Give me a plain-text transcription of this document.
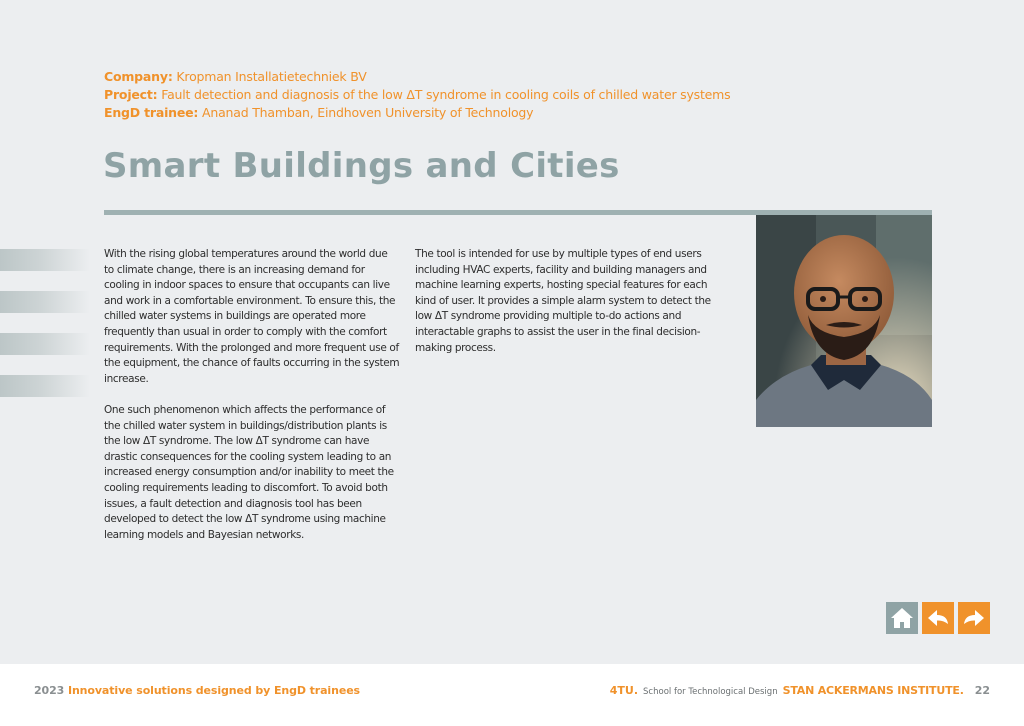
Company: Kropman Installatietechniek BV
Project: Fault detection and diagnosis of the low ΔT syndrome in cooling coils of chilled water systems
EngD trainee: Ananad Thamban, Eindhoven University of Technology
Smart Buildings and Cities

With the rising global temperatures around the world due to climate change, there is an increasing demand for cooling in indoor spaces to ensure that occupants can live and work in a comfortable environment. To ensure this, the chilled water systems in buildings are operated more frequently than usual in order to comply with the comfort requirements. With the prolonged and more frequent use of the equipment, the chance of faults occurring in the system increase.

One such phenomenon which affects the performance of the chilled water system in buildings/distribution plants is the low ΔT syndrome. The low ΔT syndrome can have drastic consequences for the cooling system leading to an increased energy consumption and/or inability to meet the cooling requirements leading to discomfort. To avoid both issues, a fault detection and diagnosis tool has been developed to detect the low ΔT syndrome using machine learning models and Bayesian networks.

The tool is intended for use by multiple types of end users including HVAC experts, facility and building managers and machine learning experts, hosting special features for each kind of user. It provides a simple alarm system to detect the low ΔT syndrome providing multiple to-do actions and interactable graphs to assist the user in the final decision-making process.

2023 Innovative solutions designed by EngD trainees	4TU. School for Technological Design STAN ACKERMANS INSTITUTE. 22
